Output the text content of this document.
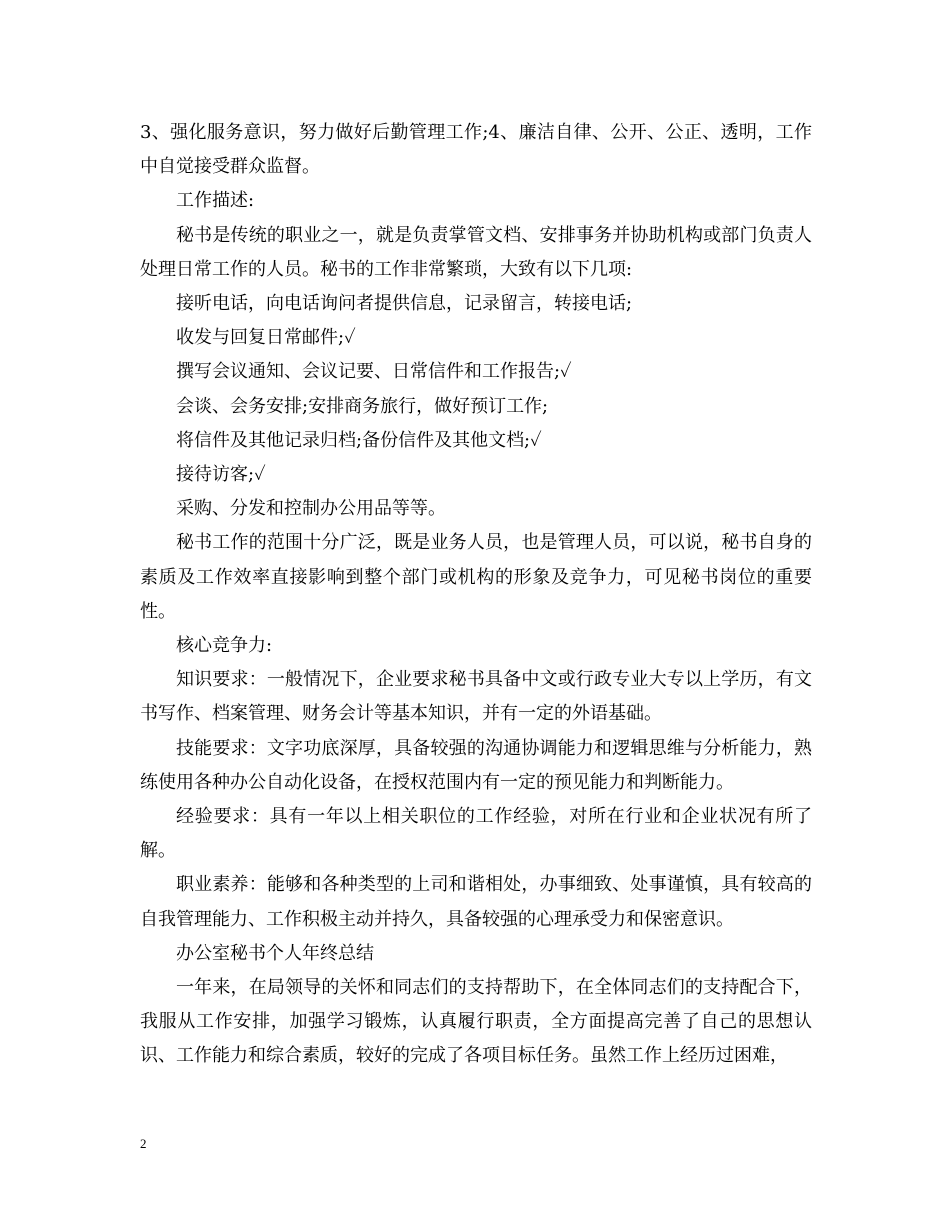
3、强化服务意识，努力做好后勤管理工作;4、廉洁自律、公开、公正、透明，工作中自觉接受群众监督。

工作描述:

秘书是传统的职业之一，就是负责掌管文档、安排事务并协助机构或部门负责人处理日常工作的人员。秘书的工作非常繁琐，大致有以下几项:

接听电话，向电话询问者提供信息，记录留言，转接电话;

收发与回复日常邮件;✓

撰写会议通知、会议记要、日常信件和工作报告;✓

会谈、会务安排;安排商务旅行，做好预订工作;

将信件及其他记录归档;备份信件及其他文档;✓

接待访客;✓

采购、分发和控制办公用品等等。

秘书工作的范围十分广泛，既是业务人员，也是管理人员，可以说，秘书自身的素质及工作效率直接影响到整个部门或机构的形象及竞争力，可见秘书岗位的重要性。

核心竞争力:

知识要求：一般情况下，企业要求秘书具备中文或行政专业大专以上学历，有文书写作、档案管理、财务会计等基本知识，并有一定的外语基础。

技能要求：文字功底深厚，具备较强的沟通协调能力和逻辑思维与分析能力，熟练使用各种办公自动化设备，在授权范围内有一定的预见能力和判断能力。

经验要求：具有一年以上相关职位的工作经验，对所在行业和企业状况有所了解。

职业素养：能够和各种类型的上司和谐相处，办事细致、处事谨慎，具有较高的自我管理能力、工作积极主动并持久，具备较强的心理承受力和保密意识。

办公室秘书个人年终总结

一年来，在局领导的关怀和同志们的支持帮助下，在全体同志们的支持配合下，我服从工作安排，加强学习锻炼，认真履行职责，全方面提高完善了自己的思想认识、工作能力和综合素质，较好的完成了各项目标任务。虽然工作上经历过困难，

2
